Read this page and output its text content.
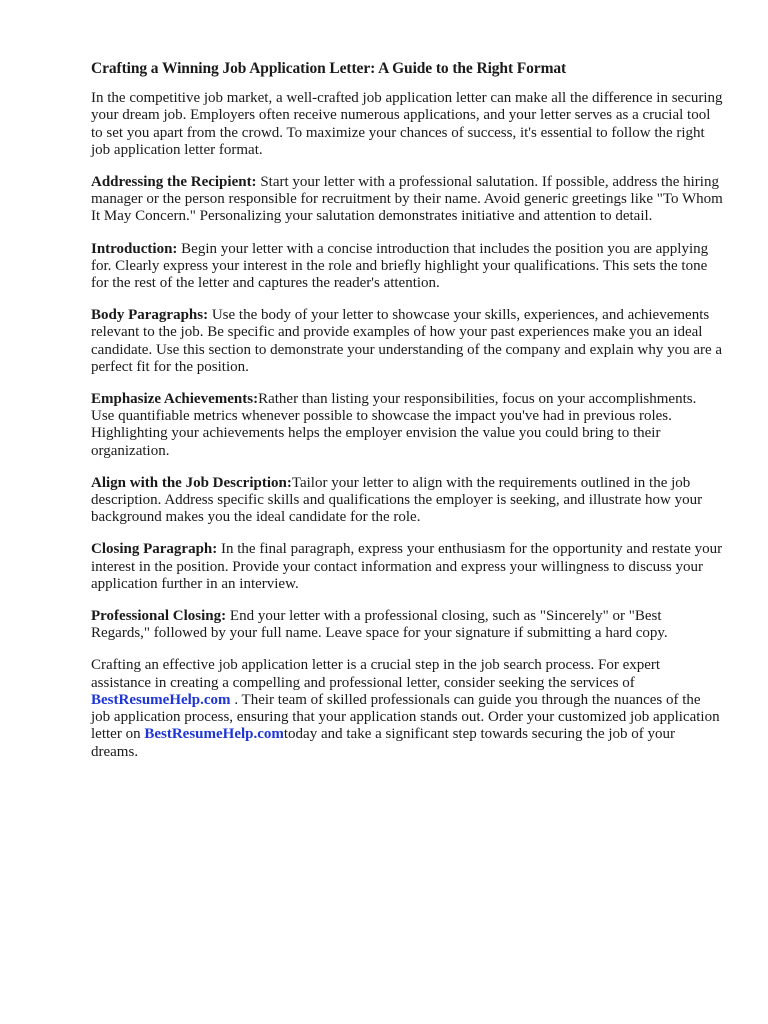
Crafting a Winning Job Application Letter: A Guide to the Right Format
In the competitive job market, a well-crafted job application letter can make all the difference in securing your dream job. Employers often receive numerous applications, and your letter serves as a crucial tool to set you apart from the crowd. To maximize your chances of success, it's essential to follow the right job application letter format.
Addressing the Recipient: Start your letter with a professional salutation. If possible, address the hiring manager or the person responsible for recruitment by their name. Avoid generic greetings like "To Whom It May Concern." Personalizing your salutation demonstrates initiative and attention to detail.
Introduction: Begin your letter with a concise introduction that includes the position you are applying for. Clearly express your interest in the role and briefly highlight your qualifications. This sets the tone for the rest of the letter and captures the reader's attention.
Body Paragraphs: Use the body of your letter to showcase your skills, experiences, and achievements relevant to the job. Be specific and provide examples of how your past experiences make you an ideal candidate. Use this section to demonstrate your understanding of the company and explain why you are a perfect fit for the position.
Emphasize Achievements:Rather than listing your responsibilities, focus on your accomplishments. Use quantifiable metrics whenever possible to showcase the impact you've had in previous roles. Highlighting your achievements helps the employer envision the value you could bring to their organization.
Align with the Job Description:Tailor your letter to align with the requirements outlined in the job description. Address specific skills and qualifications the employer is seeking, and illustrate how your background makes you the ideal candidate for the role.
Closing Paragraph: In the final paragraph, express your enthusiasm for the opportunity and restate your interest in the position. Provide your contact information and express your willingness to discuss your application further in an interview.
Professional Closing: End your letter with a professional closing, such as "Sincerely" or "Best Regards," followed by your full name. Leave space for your signature if submitting a hard copy.
Crafting an effective job application letter is a crucial step in the job search process. For expert assistance in creating a compelling and professional letter, consider seeking the services of BestResumeHelp.com . Their team of skilled professionals can guide you through the nuances of the job application process, ensuring that your application stands out. Order your customized job application letter on BestResumeHelp.comtoday and take a significant step towards securing the job of your dreams.
